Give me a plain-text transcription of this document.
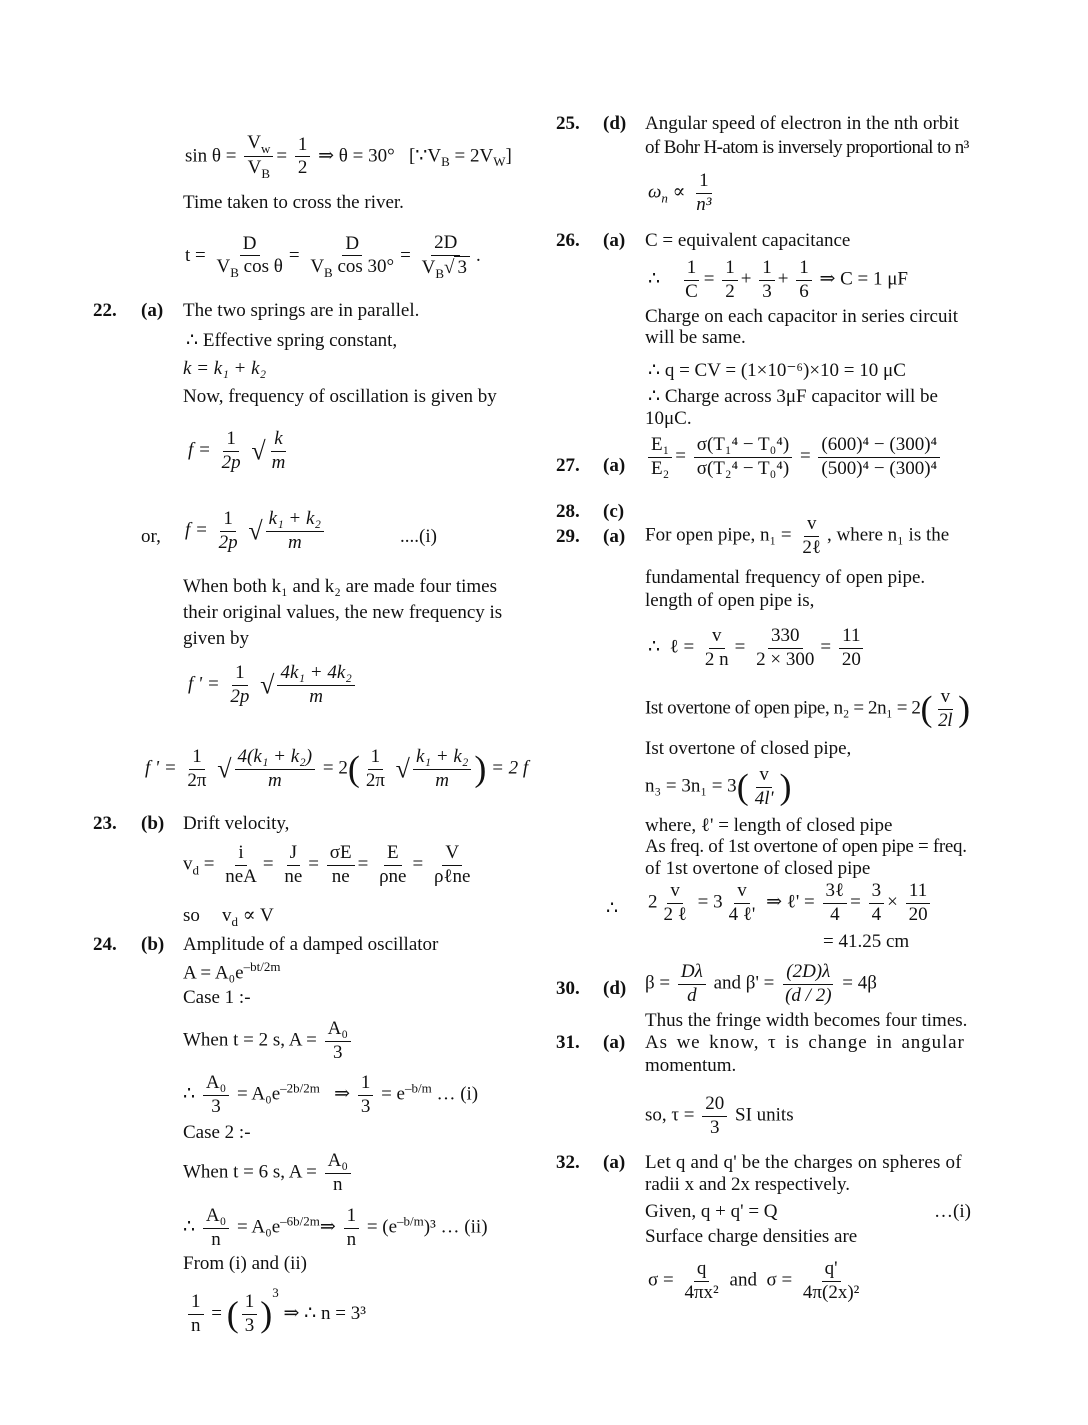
$\sin \theta = \frac{V_w}{V_B} = \frac{1}{2}$ ⇒ θ = 30° $[\because V_B = 2V_W]$
Time taken to cross the river.
$t = \frac{D}{V_B \cos \theta} = \frac{D}{V_B \cos 30^\circ} = \frac{2D}{V_B√ 3}$ .
22. (a) The two springs are in parallel.
∴ Effective spring constant,
k = k₁ + k₂
Now, frequency of oscillation is given by
$f = \frac{1}{2p}$ √ $\frac{k}{m}$
or, $f = \frac{1}{2p}$ √ $\frac{\text{k₁ + k₂}}{m}$	....(i)
When both k₁ and k₂ are made four times
their original values, the new frequency is
given by
f ' = $\frac{1}{2p}$ √ $\frac{\text{4k₁ + 4k₂}}{m}$
f ' = $\frac{1}{2\pi}$ √ $\frac{\text{4(k₁ + k₂)}}{m} = 2( \frac{1}{2\pi}$ √ $\frac{\text{k₁ + k₂}}{m}$ ) = 2 f
23. (b) Drift velocity,
$v_d$ =
i
neA
= $\frac{J}{ne} = \frac{\sigma E}{ne}$ =
E
ρne
=
V
ρℓne
so $v_d \propto V$
24. (b) Amplitude of a damped oscillator
$A = A_0e^{-bt/2m}$
Case 1 :-
When t = 2 s, $A = \frac{\text{A₀}}{3}$
∴ $\frac{\text{A₀}}{3} = A_0e^{-2b/2m}$ ⇒ $\frac{1}{3} = e^{-b/m}$ … (i)
Case 2 :-
When t = 6 s, $A = \frac{\text{A₀}}{n}$
∴ $\frac{\text{A₀}}{n}$ = $A_0e^{-6b/2m}\Rightarrow \frac{1}{n} = (e^{-b/m})^3$ … (ii)
From (i) and (ii)
$\frac{1}{n}$ = ( $\frac{1}{3} )^3$ ⇒ ∴ n = 3³
25. (d) Angular speed of electron in the nth orbit
of Bohr H-atom is inversely proportional to n³
$\omega_n \propto \frac{1}{\text{n³}}$
26. (a) C = equivalent capacitance
∴ $\frac{1}{C} = \frac{1}{2} + \frac{1}{3} + \frac{1}{6}$ ⇒ C = 1 μF
Charge on each capacitor in series circuit
will be same.
∴ q = CV = (1×10⁻⁶)×10 = 10 μC
∴ Charge across 3μF capacitor will be
10μC.
27. $(a) \frac{\text{E₁}}{\text{E₂}} = \frac{\text{σ(T₁⁴ − T₀⁴)}}{\text{σ(T₂⁴ − T₀⁴)}} = \frac{\text{(600)⁴ − (300)⁴}}{\text{(500)⁴ − (300)⁴}}$
28. (c)
29. (a) For open pipe, n₁ =
v
2ℓ
, where n₁ is the
fundamental frequency of open pipe.
length of open pipe is,
∴ ℓ = $\frac{v}{2 n} = \frac{330}{2 \times 300} = \frac{11}{20}$
Ist overtone of open pipe, $n_2 = 2n_1 = 2( \frac{v}{2l}$ )
Ist overtone of closed pipe,
$n_3 = 3n_1 = 3( \frac{v}{4l'}$ )
where, ℓ' = length of closed pipe
As freq. of 1st overtone of open pipe = freq.
of 1st overtone of closed pipe
∴ 2
v
2 ℓ
= 3
v
4 ℓ'
⇒ ℓ' =
3ℓ
4
= $\frac{3}{4} \times \frac{11}{20}$
= 41.25 cm
30. (d) $\beta = \frac{D\lambda}{d}$ and $\beta' = \frac{(2D)\lambda}{(d / 2)} = 4\beta$
Thus the fringe width becomes four times.
31. (a) As we know, τ is change in angular
momentum.
so, $\tau = \frac{20}{3}$ SI units
32. (a) Let q and q' be the charges on spheres of
radii x and 2x respectively.
Given, q + q' = Q	…(i)
Surface charge densities are
$\sigma = \frac{q}{\text{4πx²}}$ and $\sigma = \frac{q'}{\text{4π(2x)²}}$
